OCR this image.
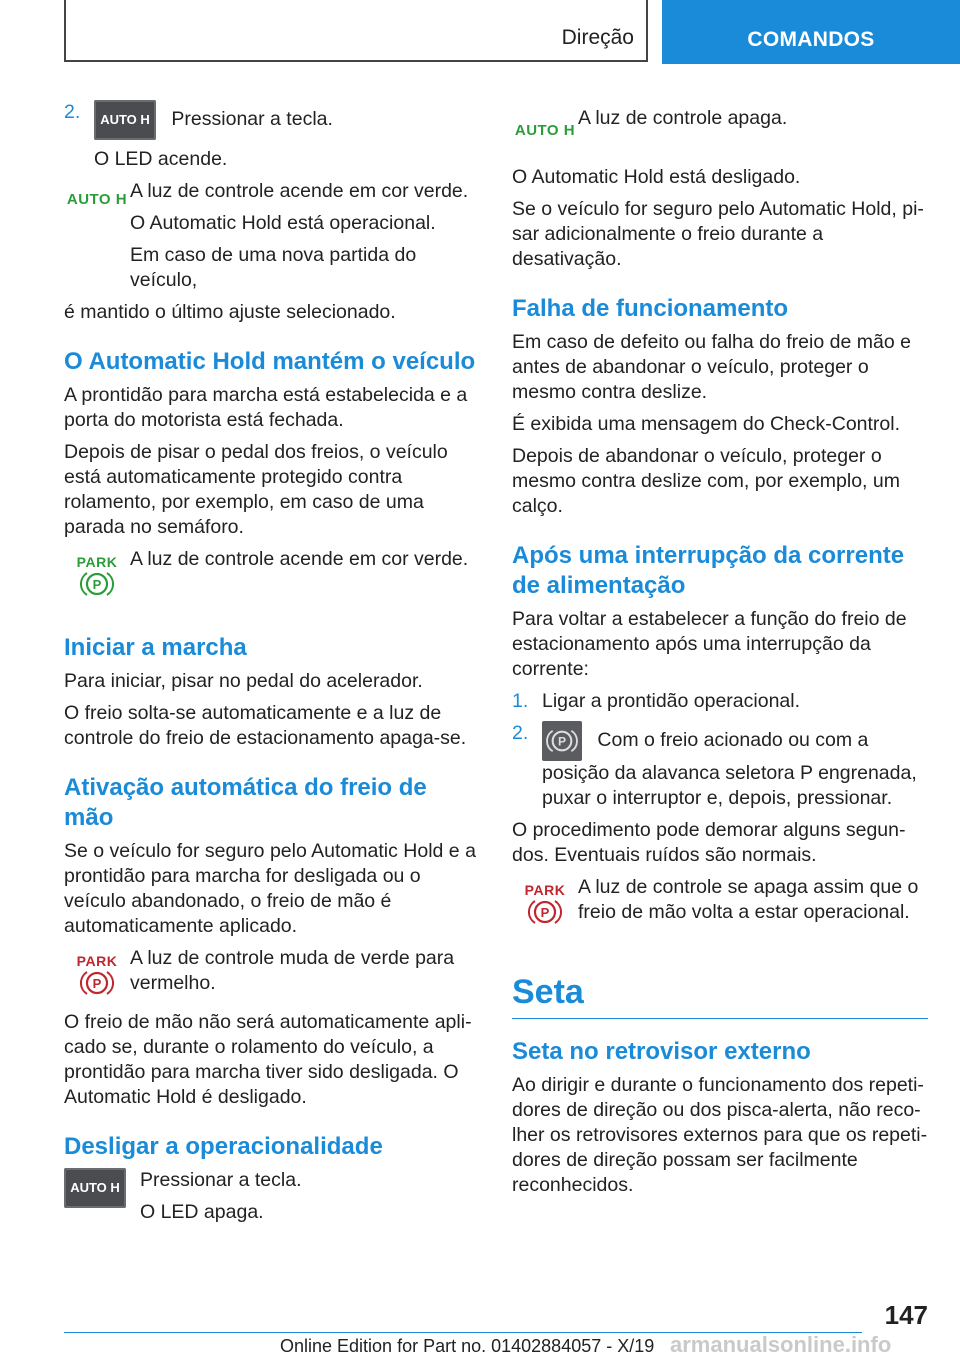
Direção	COMANDOS
2.	AUTO H Pressionar a tecla.

O LED acende.

AUTO H A luz de controle acende em cor verde.

O Automatic Hold está operacional.

Em caso de uma nova partida do veículo,

é mantido o último ajuste selecionado.

O Automatic Hold mantém o veículo

A prontidão para marcha está estabelecida e a porta do motorista está fechada.

Depois de pisar o pedal dos freios, o veículo está automaticamente protegido contra rolamento, por exemplo, em caso de uma parada no semáforo.

PARK
P

A luz de controle acende em cor verde.

Iniciar a marcha

Para iniciar, pisar no pedal do acelerador.

O freio solta-se automaticamente e a luz de controle do freio de estacionamento apaga-se.

Ativação automática do freio de mão

Se o veículo for seguro pelo Automatic Hold e a prontidão para marcha for desligada ou o veículo abandonado, o freio de mão é automaticamente aplicado.

PARK
P

A luz de controle muda de verde para vermelho.

O freio de mão não será automaticamente aplicado se, durante o rolamento do veículo, a prontidão para marcha tiver sido desligada. O Automatic Hold é desligado.

Desligar a operacionalidade
AUTO H	Pressionar a tecla.

O LED apaga.

AUTO H

A luz de controle apaga.

O Automatic Hold está desligado.

Se o veículo for seguro pelo Automatic Hold, pisar adicionalmente o freio durante a desativação.

Falha de funcionamento

Em caso de defeito ou falha do freio de mão e antes de abandonar o veículo, proteger o mesmo contra deslize.

É exibida uma mensagem do Check-Control.

Depois de abandonar o veículo, proteger o mesmo contra deslize com, por exemplo, um calço.

Após uma interrupção da corrente de alimentação

Para voltar a estabelecer a função do freio de estacionamento após uma interrupção da corrente:

1. Ligar a prontidão operacional.
2.	P Com o freio acionado ou com a posição da alavanca seletora P engrenada, puxar o interruptor e, depois, pressionar.

O procedimento pode demorar alguns segundos. Eventuais ruídos são normais.

PARK
P

A luz de controle se apaga assim que o freio de mão volta a estar operacional.

Seta
Seta no retrovisor externo

Ao dirigir e durante o funcionamento dos repetidores de direção ou dos pisca-alerta, não recolher os retrovisores externos para que os repetidores de direção possam ser facilmente reconhecidos.

147
Online Edition for Part no. 01402884057 - X/19 armanualsonline.info
